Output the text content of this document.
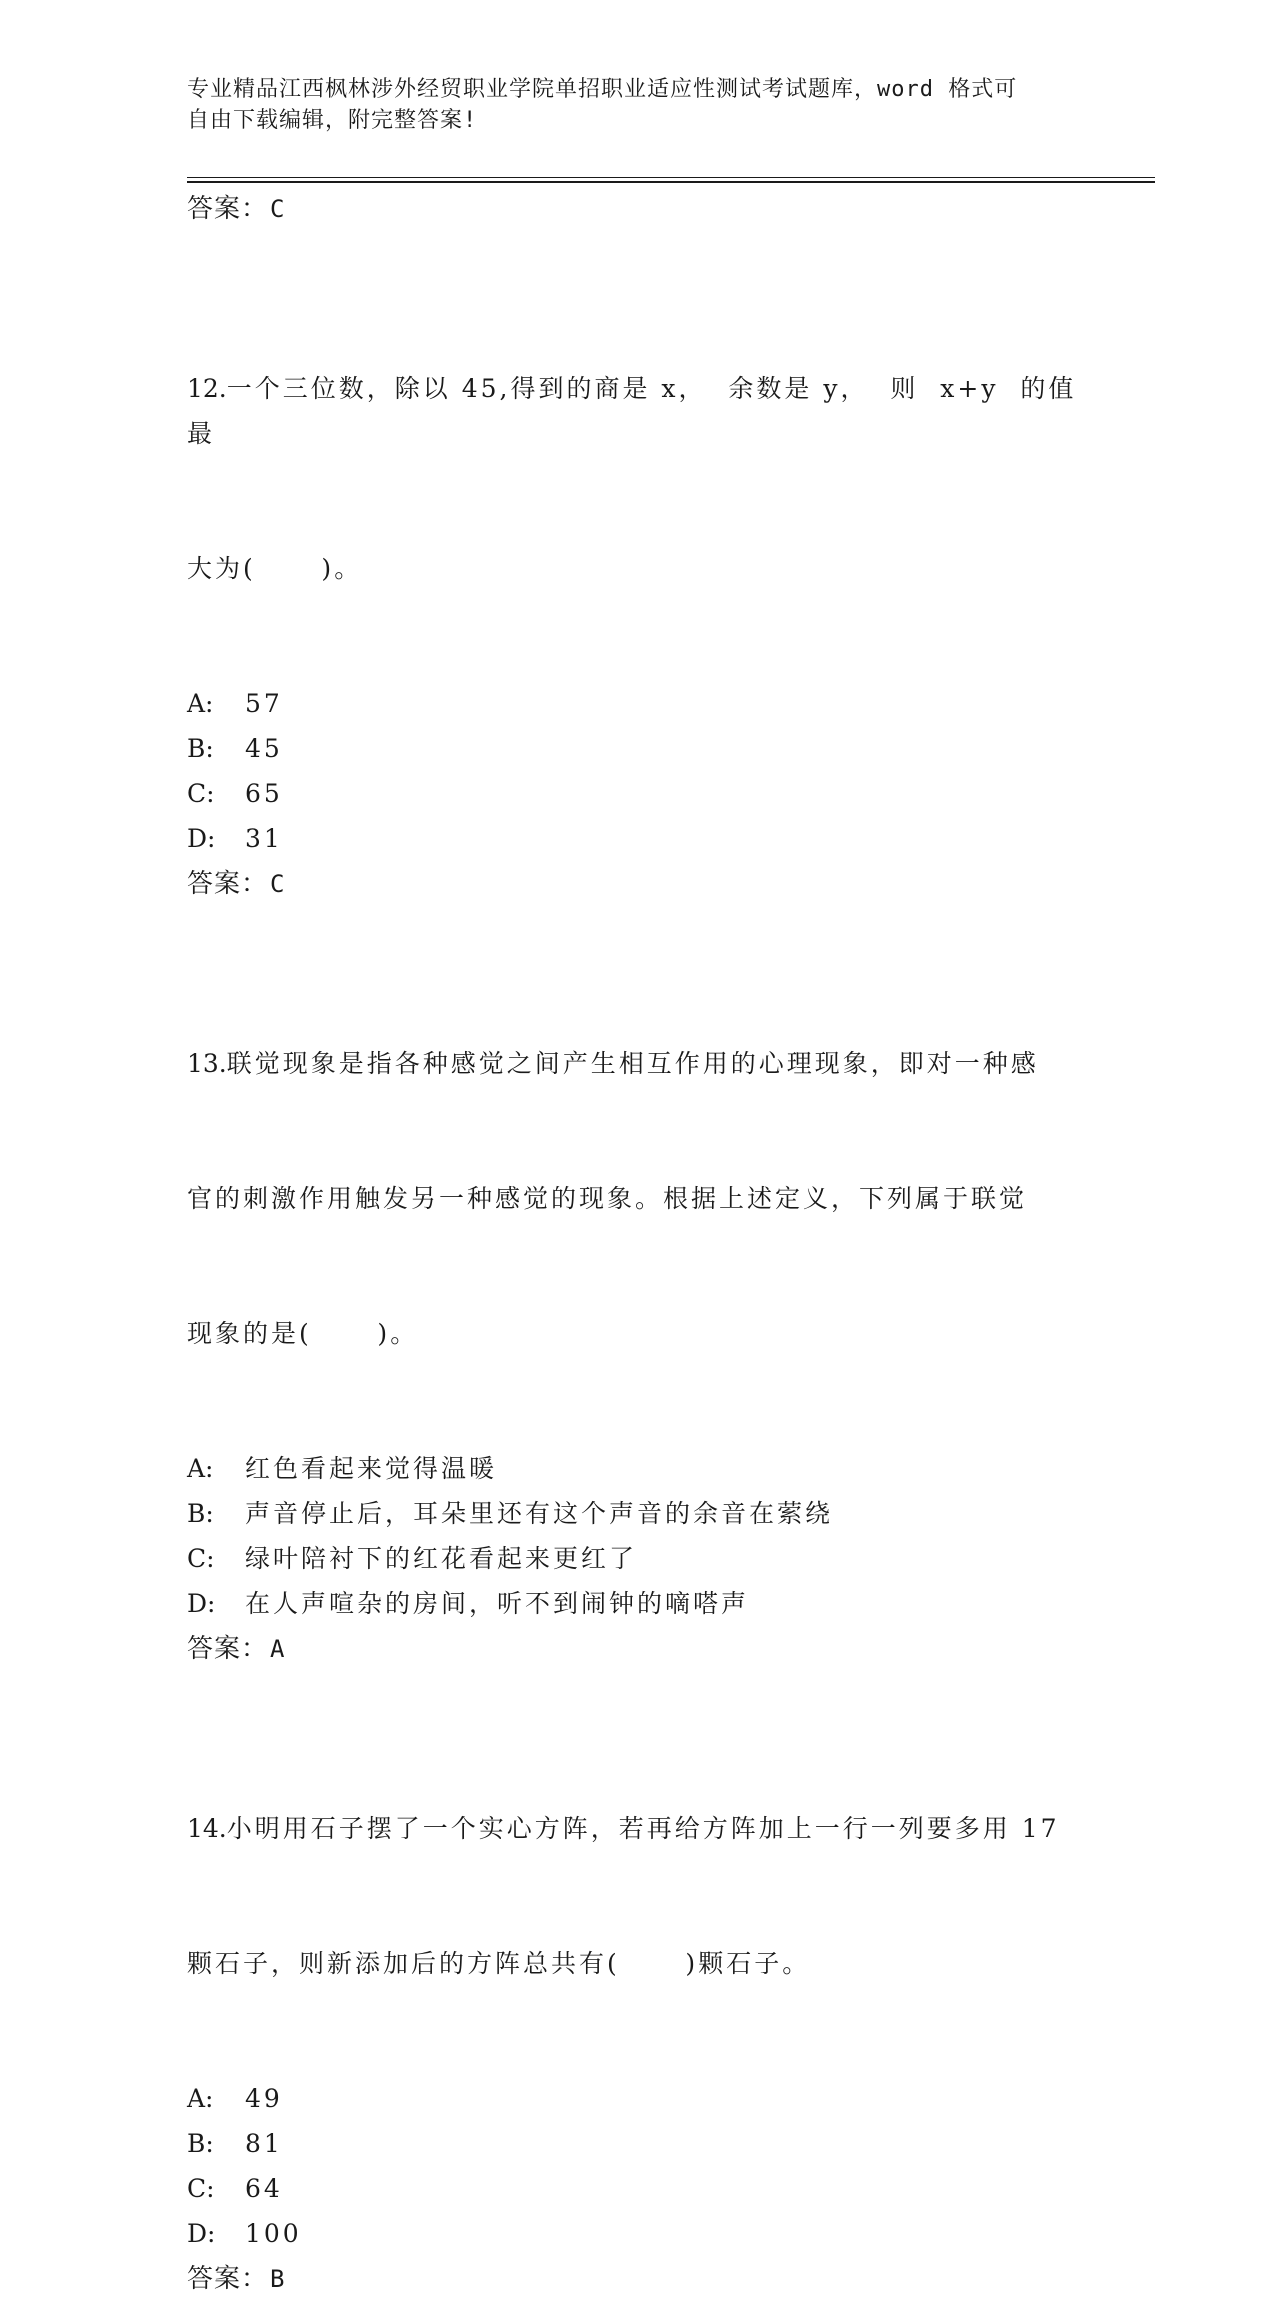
专业精品江西枫林涉外经贸职业学院单招职业适应性测试考试题库，word 格式可
自由下载编辑，附完整答案!
答案： C

12.一个三位数，除以 45,得到的商是 x，  余数是 y，  则  x+y  的值最

大为(      )。

A:	57
B:	45
C:	65
D:	31
答案： C

13.联觉现象是指各种感觉之间产生相互作用的心理现象，即对一种感

官的刺激作用触发另一种感觉的现象。根据上述定义，下列属于联觉

现象的是(      )。

A:	红色看起来觉得温暖
B:	声音停止后，耳朵里还有这个声音的余音在萦绕
C:	绿叶陪衬下的红花看起来更红了
D:	在人声喧杂的房间，听不到闹钟的嘀嗒声
答案： A

14.小明用石子摆了一个实心方阵，若再给方阵加上一行一列要多用 17

颗石子，则新添加后的方阵总共有(      )颗石子。

A:	49
B:	81
C:	64
D:	100
答案： B
